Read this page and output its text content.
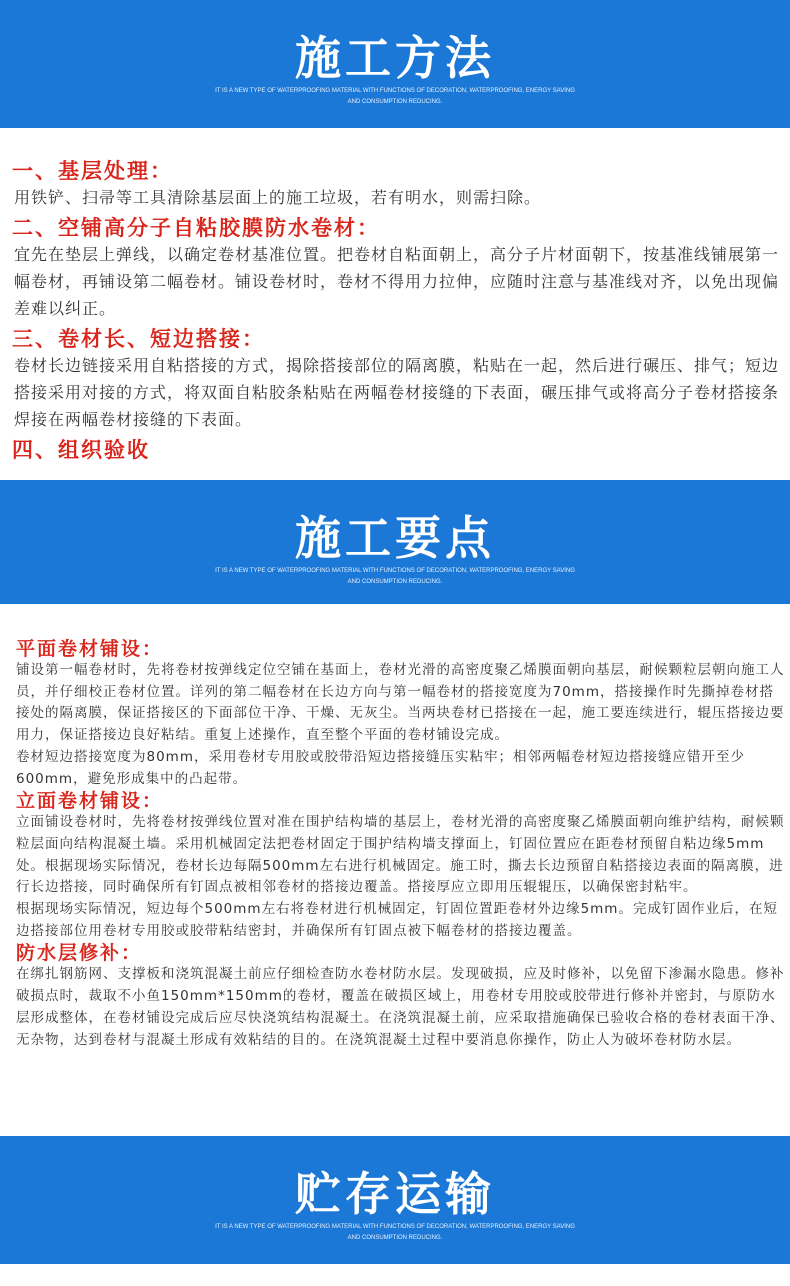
施工方法
IT IS A NEW TYPE OF WATERPROOFING MATERIAL WITH FUNCTIONS OF DECORATION, WATERPROOFING, ENERGY SAVING AND CONSUMPTION REDUCING.
一、基层处理：
用铁铲、扫帚等工具清除基层面上的施工垃圾，若有明水，则需扫除。
二、空铺高分子自粘胶膜防水卷材：
宜先在垫层上弹线，以确定卷材基准位置。把卷材自粘面朝上，高分子片材面朝下，按基准线铺展第一幅卷材，再铺设第二幅卷材。铺设卷材时，卷材不得用力拉伸，应随时注意与基准线对齐，以免出现偏差难以纠正。
三、卷材长、短边搭接：
卷材长边链接采用自粘搭接的方式，揭除搭接部位的隔离膜，粘贴在一起，然后进行碾压、排气；短边搭接采用对接的方式，将双面自粘胶条粘贴在两幅卷材接缝的下表面，碾压排气或将高分子卷材搭接条焊接在两幅卷材接缝的下表面。
四、组织验收
施工要点
IT IS A NEW TYPE OF WATERPROOFING MATERIAL WITH FUNCTIONS OF DECORATION, WATERPROOFING, ENERGY SAVING AND CONSUMPTION REDUCING.
平面卷材铺设：
铺设第一幅卷材时，先将卷材按弹线定位空铺在基面上，卷材光滑的高密度聚乙烯膜面朝向基层，耐候颗粒层朝向施工人员，并仔细校正卷材位置。详列的第二幅卷材在长边方向与第一幅卷材的搭接宽度为70mm，搭接操作时先撕掉卷材搭接处的隔离膜，保证搭接区的下面部位干净、干燥、无灰尘。当两块卷材已搭接在一起，施工要连续进行，辊压搭接边要用力，保证搭接边良好粘结。重复上述操作，直至整个平面的卷材铺设完成。
卷材短边搭接宽度为80mm，采用卷材专用胶或胶带沿短边搭接缝压实粘牢；相邻两幅卷材短边搭接缝应错开至少600mm，避免形成集中的凸起带。
立面卷材铺设：
立面铺设卷材时，先将卷材按弹线位置对准在围护结构墙的基层上，卷材光滑的高密度聚乙烯膜面朝向维护结构，耐候颗粒层面向结构混凝土墙。采用机械固定法把卷材固定于围护结构墙支撑面上，钉固位置应在距卷材预留自粘边缘5mm处。根据现场实际情况，卷材长边每隔500mm左右进行机械固定。施工时，撕去长边预留自粘搭接边表面的隔离膜，进行长边搭接，同时确保所有钉固点被相邻卷材的搭接边覆盖。搭接厚应立即用压辊辊压，以确保密封粘牢。
根据现场实际情况，短边每个500mm左右将卷材进行机械固定，钉固位置距卷材外边缘5mm。完成钉固作业后，在短边搭接部位用卷材专用胶或胶带粘结密封，并确保所有钉固点被下幅卷材的搭接边覆盖。
防水层修补：
在绑扎钢筋网、支撑板和浇筑混凝土前应仔细检查防水卷材防水层。发现破损，应及时修补，以免留下渗漏水隐患。修补破损点时，裁取不小鱼150mm*150mm的卷材，覆盖在破损区域上，用卷材专用胶或胶带进行修补并密封，与原防水层形成整体，在卷材铺设完成后应尽快浇筑结构混凝土。在浇筑混凝土前，应采取措施确保已验收合格的卷材表面干净、无杂物，达到卷材与混凝土形成有效粘结的目的。在浇筑混凝土过程中要消息你操作，防止人为破坏卷材防水层。
贮存运输
IT IS A NEW TYPE OF WATERPROOFING MATERIAL WITH FUNCTIONS OF DECORATION, WATERPROOFING, ENERGY SAVING AND CONSUMPTION REDUCING.
